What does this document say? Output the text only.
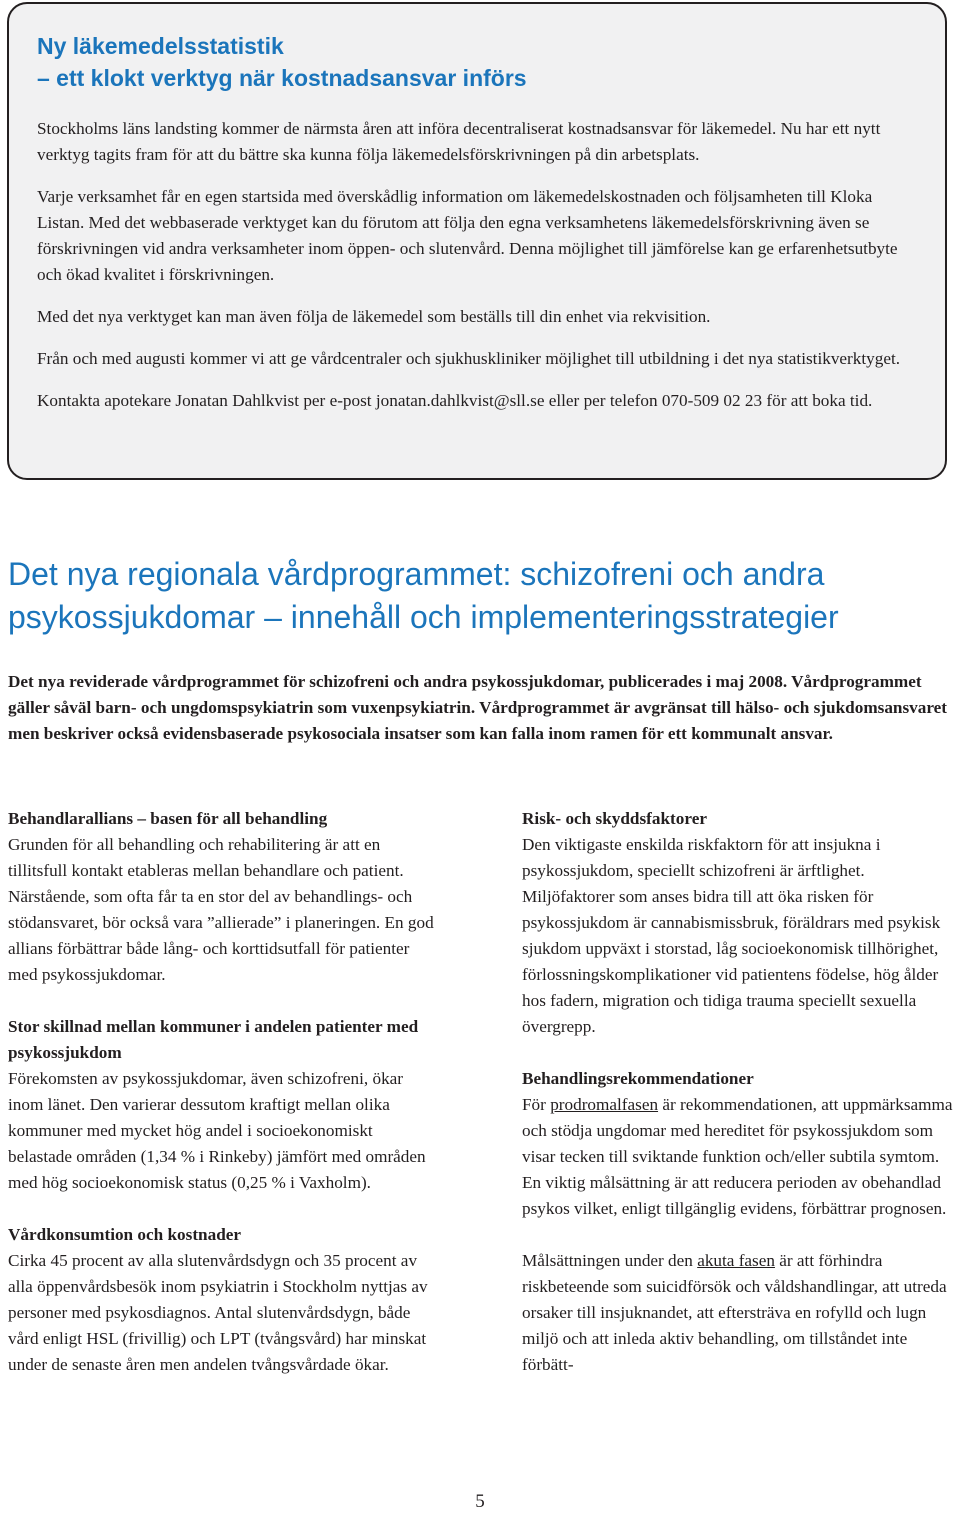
Ny läkemedelsstatistik
– ett klokt verktyg när kostnadsansvar införs

Stockholms läns landsting kommer de närmsta åren att införa decentraliserat kostnadsansvar för läkemedel. Nu har ett nytt verktyg tagits fram för att du bättre ska kunna följa läkemedelsförskrivningen på din arbetsplats.

Varje verksamhet får en egen startsida med överskådlig information om läkemedelskostnaden och följsamheten till Kloka Listan. Med det webbaserade verktyget kan du förutom att följa den egna verksamhetens läkemedelsförskrivning även se förskrivningen vid andra verksamheter inom öppen- och slutenvård. Denna möjlighet till jämförelse kan ge erfarenhetsutbyte och ökad kvalitet i förskrivningen.

Med det nya verktyget kan man även följa de läkemedel som beställs till din enhet via rekvisition.

Från och med augusti kommer vi att ge vårdcentraler och sjukhuskliniker möjlighet till utbildning i det nya statistikverktyget.

Kontakta apotekare Jonatan Dahlkvist per e-post jonatan.dahlkvist@sll.se eller per telefon 070-509 02 23 för att boka tid.

Det nya regionala vårdprogrammet: schizofreni och andra
psykossjukdomar – innehåll och implementeringsstrategier

Det nya reviderade vårdprogrammet för schizofreni och andra psykossjukdomar, publicerades i maj 2008. Vårdprogrammet gäller såväl barn- och ungdomspsykiatrin som vuxenpsykiatrin. Vårdprogrammet är avgränsat till hälso- och sjukdomsansvaret men beskriver också evidensbaserade psykosociala insatser som kan falla inom ramen för ett kommunalt ansvar.

Behandlarallians – basen för all behandling

Grunden för all behandling och rehabilitering är att en tillitsfull kontakt etableras mellan behandlare och patient. Närstående, som ofta får ta en stor del av behandlings- och stödansvaret, bör också vara ”allierade” i planeringen. En god allians förbättrar både lång- och korttidsutfall för patienter med psykossjukdomar.

Stor skillnad mellan kommuner i andelen patienter med psykossjukdom

Förekomsten av psykossjukdomar, även schizofreni, ökar inom länet. Den varierar dessutom kraftigt mellan olika kommuner med mycket hög andel i socioekonomiskt belastade områden (1,34 % i Rinkeby) jämfört med områden med hög socioekonomisk status (0,25 % i Vaxholm).

Vårdkonsumtion och kostnader

Cirka 45 procent av alla slutenvårdsdygn och 35 procent av alla öppenvårdsbesök inom psykiatrin i Stockholm nyttjas av personer med psykosdiagnos. Antal slutenvårdsdygn, både vård enligt HSL (frivillig) och LPT (tvångsvård) har minskat under de senaste åren men andelen tvångsvårdade ökar.

Risk- och skyddsfaktorer

Den viktigaste enskilda riskfaktorn för att insjukna i psykossjukdom, speciellt schizofreni är ärftlighet. Miljöfaktorer som anses bidra till att öka risken för psykossjukdom är cannabismissbruk, föräldrars med psykisk sjukdom uppväxt i storstad, låg socioekonomisk tillhörighet, förlossningskomplikationer vid patientens födelse, hög ålder hos fadern, migration och tidiga trauma speciellt sexuella övergrepp.

Behandlingsrekommendationer

För prodromalfasen är rekommendationen, att uppmärksamma och stödja ungdomar med hereditet för psykossjukdom som visar tecken till sviktande funktion och/eller subtila symtom. En viktig målsättning är att reducera perioden av obehandlad psykos vilket, enligt tillgänglig evidens, förbättrar prognosen.

Målsättningen under den akuta fasen är att förhindra riskbeteende som suicidförsök och våldshandlingar, att utreda orsaker till insjuknandet, att eftersträva en rofylld och lugn miljö och att inleda aktiv behandling, om tillståndet inte förbätt-

5
